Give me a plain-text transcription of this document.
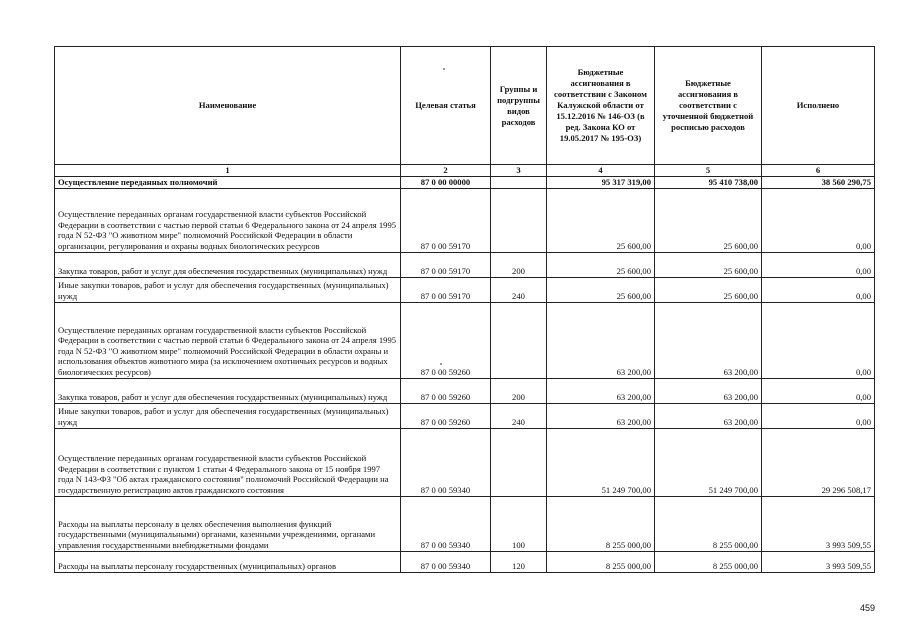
Наименование	Целевая статья	Группы и подгруппы видов расходов	Бюджетные ассигнования в соответствии с Законом Калужской области от 15.12.2016 № 146-ОЗ (в ред. Закона КО от 19.05.2017 № 195-ОЗ)	Бюджетные ассигнования в соответствии с уточненной бюджетной росписью расходов	Исполнено
1	2	3	4	5	6
Осуществление переданных полномочий	87 0 00 00000		95 317 319,00	95 410 738,00	38 560 290,75
Осуществление переданных органам государственной власти субъектов Российской Федерации в соответствии с частью первой статьи 6 Федерального закона от 24 апреля 1995 года N 52-ФЗ "О животном мире" полномочий Российской Федерации в области организации, регулирования и охраны водных биологических ресурсов	87 0 00 59170		25 600,00	25 600,00	0,00
Закупка товаров, работ и услуг для обеспечения государственных (муниципальных) нужд	87 0 00 59170	200	25 600,00	25 600,00	0,00
Иные закупки товаров, работ и услуг для обеспечения государственных (муниципальных) нужд	87 0 00 59170	240	25 600,00	25 600,00	0,00
Осуществление переданных органам государственной власти субъектов Российской Федерации в соответствии с частью первой статьи 6 Федерального закона от 24 апреля 1995 года N 52-ФЗ "О животном мире" полномочий Российской Федерации в области охраны и использования объектов животного мира (за исключением охотничьих ресурсов и водных биологических ресурсов)	87 0 00 59260		63 200,00	63 200,00	0,00
Закупка товаров, работ и услуг для обеспечения государственных (муниципальных) нужд	87 0 00 59260	200	63 200,00	63 200,00	0,00
Иные закупки товаров, работ и услуг для обеспечения государственных (муниципальных) нужд	87 0 00 59260	240	63 200,00	63 200,00	0,00
Осуществление переданных органам государственной власти субъектов Российской Федерации в соответствии с пунктом 1 статьи 4 Федерального закона от 15 ноября 1997 года N 143-ФЗ "Об актах гражданского состояния" полномочий Российской Федерации на государственную регистрацию актов гражданского состояния	87 0 00 59340		51 249 700,00	51 249 700,00	29 296 508,17
Расходы на выплаты персоналу в целях обеспечения выполнения функций государственными (муниципальными) органами, казенными учреждениями, органами управления государственными внебюджетными фондами	87 0 00 59340	100	8 255 000,00	8 255 000,00	3 993 509,55
Расходы на выплаты персоналу государственных (муниципальных) органов	87 0 00 59340	120	8 255 000,00	8 255 000,00	3 993 509,55
459
